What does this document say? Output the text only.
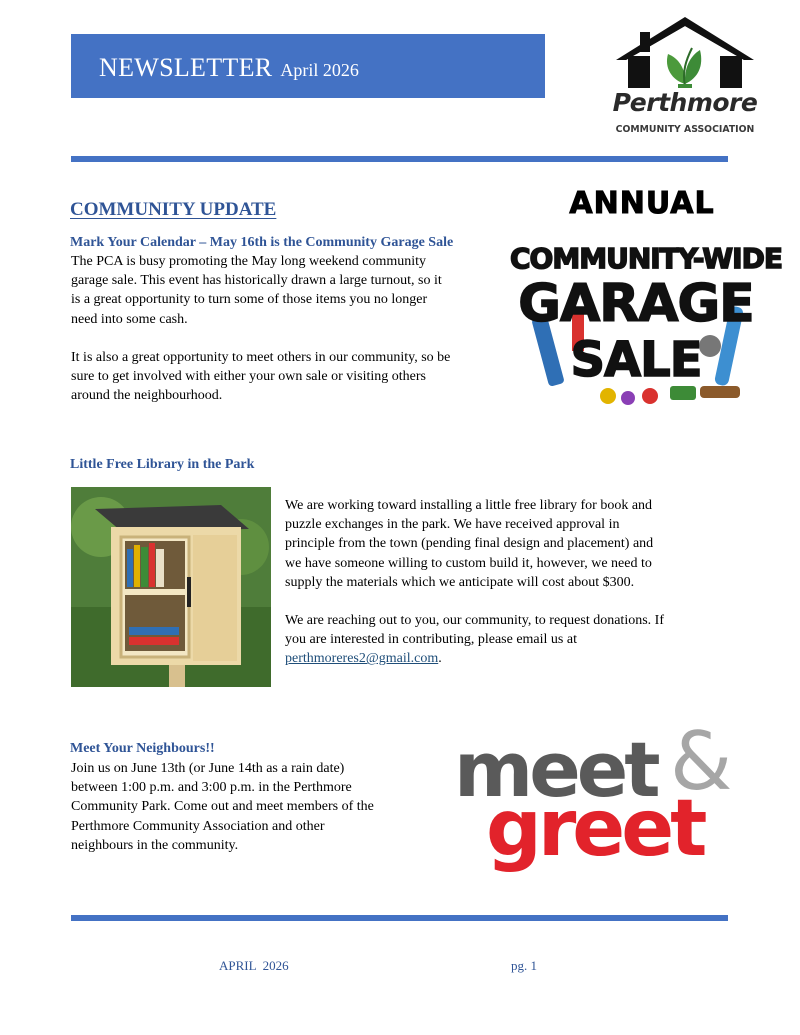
NEWSLETTER April 2026
Perthmore
COMMUNITY ASSOCIATION
COMMUNITY UPDATE
Mark Your Calendar – May 16th is the Community Garage Sale

The PCA is busy promoting the May long weekend community
garage sale. This event has historically drawn a large turnout, so it
is a great opportunity to turn some of those items you no longer
need into some cash.

It is also a great opportunity to meet others in our community, so be
sure to get involved with either your own sale or visiting others
around the neighbourhood.

ANNUAL
COMMUNITY-WIDE
GARAGE
SALE
Little Free Library in the Park

We are working toward installing a little free library for book and
puzzle exchanges in the park. We have received approval in
principle from the town (pending final design and placement) and
we have someone willing to custom build it, however, we need to
supply the materials which we anticipate will cost about $300.

We are reaching out to you, our community, to request donations. If
you are interested in contributing, please email us at
perthmoreres2@gmail.com.

Meet Your Neighbours!!

Join us on June 13th (or June 14th as a rain date)
between 1:00 p.m. and 3:00 p.m. in the Perthmore
Community Park. Come out and meet members of the
Perthmore Community Association and other
neighbours in the community.

meet &
greet
APRIL  2026	pg. 1
